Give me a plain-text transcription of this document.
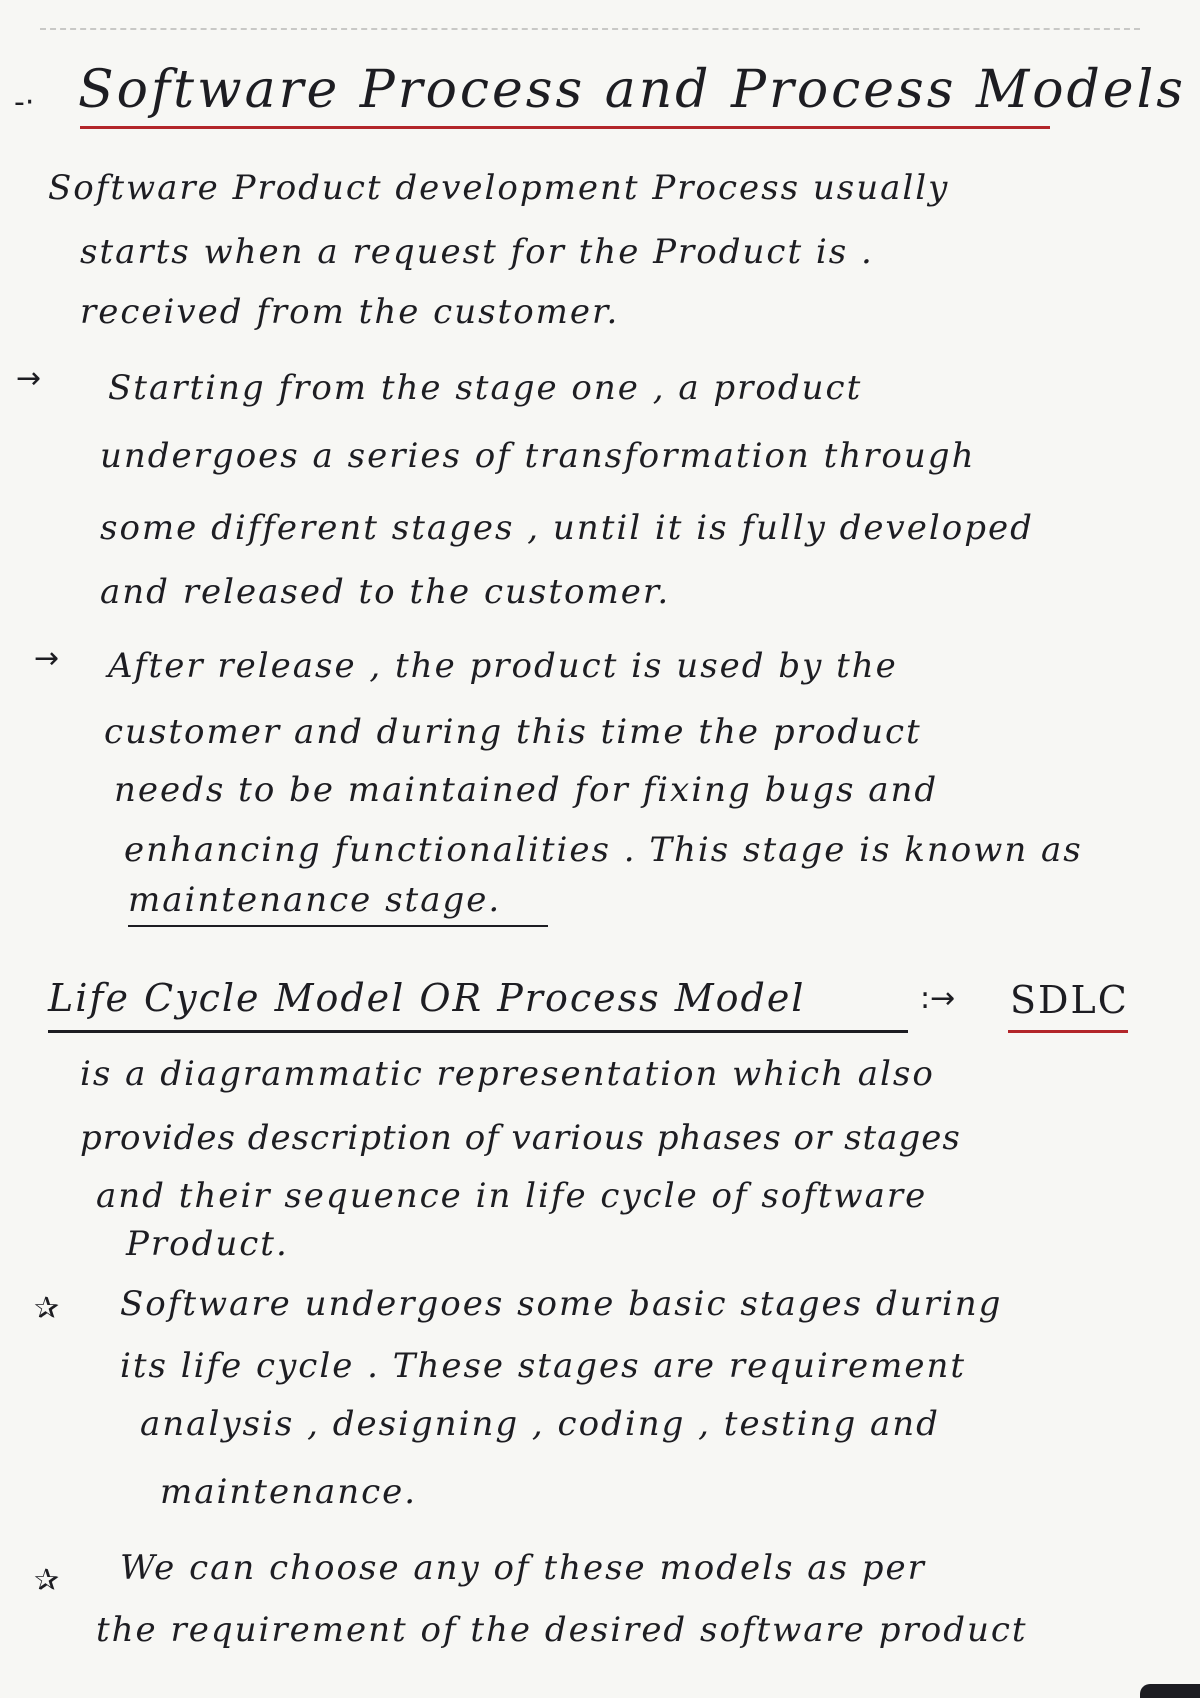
-· Software Process and Process Models
Software Product development Process usually
starts when a request for the Product is .
received from the customer.
→ Starting from the stage one , a product
undergoes a series of transformation through
some different stages , until it is fully developed
and released to the customer.
→ After release , the product is used by the
customer and during this time the product
needs to be maintained for fixing bugs and
enhancing functionalities . This stage is known as
maintenance stage.
Life Cycle Model OR Process Model	:→ SDLC
is a diagrammatic representation which also
provides description of various phases or stages
and their sequence in life cycle of software
Product.
✰ Software undergoes some basic stages during
its life cycle . These stages are requirement
analysis , designing , coding , testing and
maintenance.
✰ We can choose any of these models as per
the requirement of the desired software product
